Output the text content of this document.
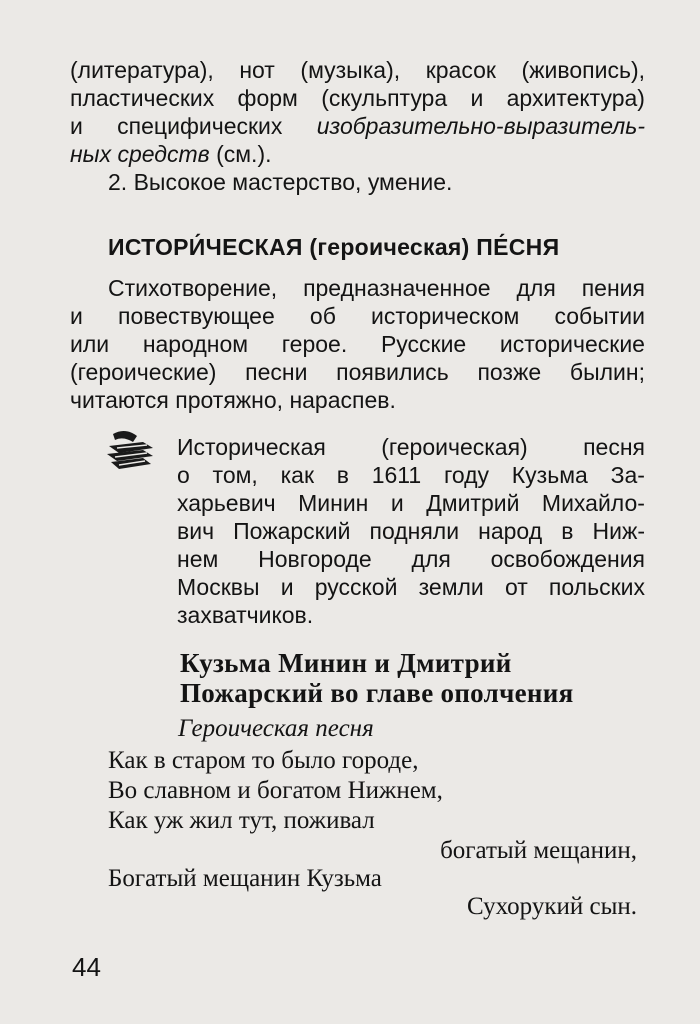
(литература), нот (музыка), красок (живопись),
пластических форм (скульптура и архитектура)
и специфических изобразительно-выразитель-
ных средств (см.).
2. Высокое мастерство, умение.
ИСТОРИ́ЧЕСКАЯ (героическая) ПЕ́СНЯ
Стихотворение, предназначенное для пения
и повествующее об историческом событии
или народном герое. Русские исторические
(героические) песни появились позже былин;
читаются протяжно, нараспев.
Историческая (героическая) песня
о том, как в 1611 году Кузьма За-
харьевич Минин и Дмитрий Михайло-
вич Пожарский подняли народ в Ниж-
нем Новгороде для освобождения
Москвы и русской земли от польских
захватчиков.
Кузьма Минин и Дмитрий
Пожарский во главе ополчения
Героическая песня
Как в старом то было городе,
Во славном и богатом Нижнем,
Как уж жил тут, поживал
богатый мещанин,
Богатый мещанин Кузьма
Сухорукий сын.
44
